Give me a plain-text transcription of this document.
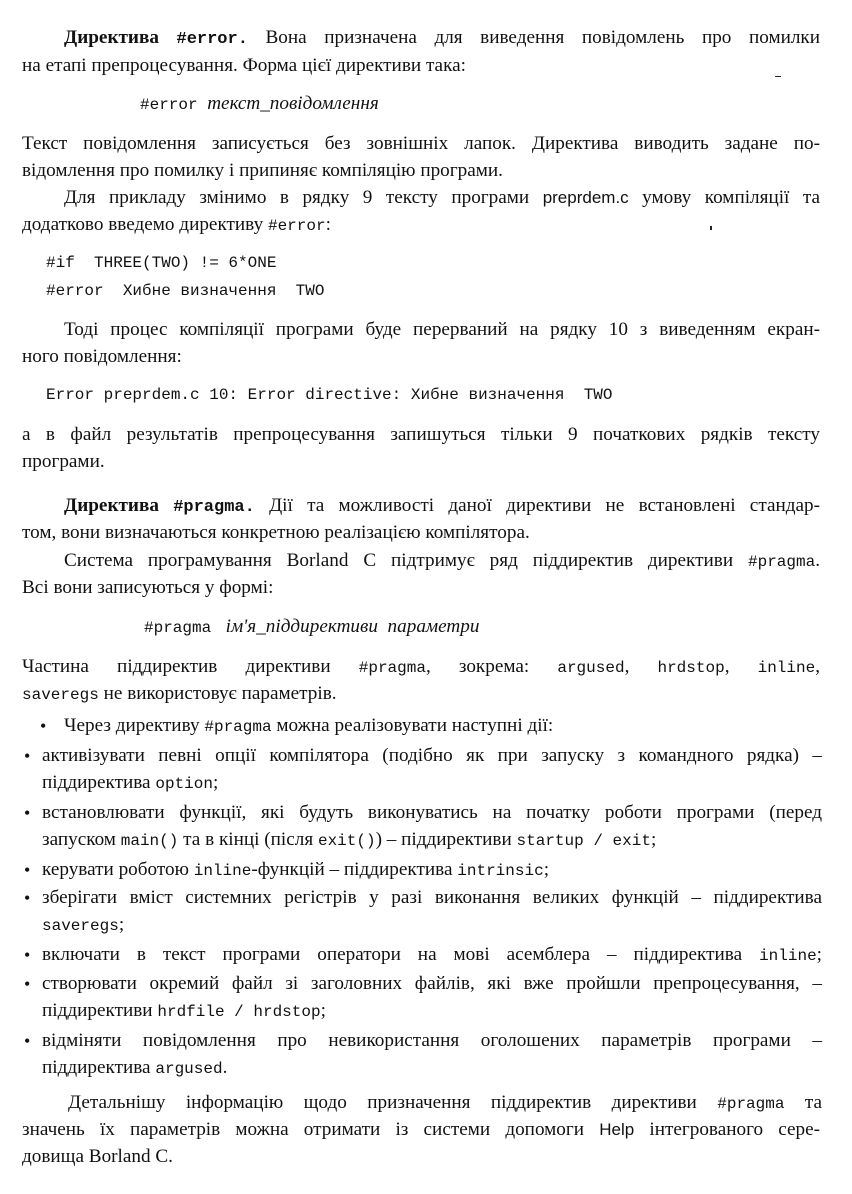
Директива #error. Вона призначена для виведення повідомлень про помилки
на етапі препроцесування. Форма цієї директиви така:
#error текст_повідомлення
Текст повідомлення записується без зовнішніх лапок. Директива виводить задане по-
відомлення про помилку і припиняє компіляцію програми.
Для прикладу змінимо в рядку 9 тексту програми preprdem.c умову компіляції та
додатково введемо директиву #error:
#if  THREE(TWO) != 6*ONE
#error  Хибне визначення  TWO
Тоді процес компіляції програми буде перерваний на рядку 10 з виведенням екран-
ного повідомлення:
Error preprdem.c 10: Error directive: Хибне визначення  TWO
а в файл результатів препроцесування запишуться тільки 9 початкових рядків тексту
програми.
Директива #pragma. Дії та можливості даної директиви не встановлені стандар-
том, вони визначаються конкретною реалізацією компілятора.
Система програмування Borland C підтримує ряд піддиректив директиви #pragma.
Всі вони записуються у формі:
#pragma ім'я_піддирективи  параметри
Частина піддиректив директиви #pragma, зокрема: argused, hrdstop, inline,
saveregs не використовує параметрів.
• Через директиву #pragma можна реалізовувати наступні дії:
• активізувати певні опції компілятора (подібно як при запуску з командного рядка) –
піддиректива option;
• встановлювати функції, які будуть виконуватись на початку роботи програми (перед
запуском main() та в кінці (після exit()) – піддирективи startup / exit;
• керувати роботою inline-функцій – піддиректива intrinsic;
• зберігати вміст системних регістрів у разі виконання великих функцій – піддиректива
saveregs;
• включати в текст програми оператори на мові асемблера – піддиректива inline;
• створювати окремий файл зі заголовних файлів, які вже пройшли препроцесування, –
піддирективи hrdfile / hrdstop;
• відміняти повідомлення про невикористання оголошених параметрів програми –
піддиректива argused.
Детальнішу інформацію щодо призначення піддиректив директиви #pragma та
значень їх параметрів можна отримати із системи допомоги Help інтегрованого сере-
довища Borland C.
